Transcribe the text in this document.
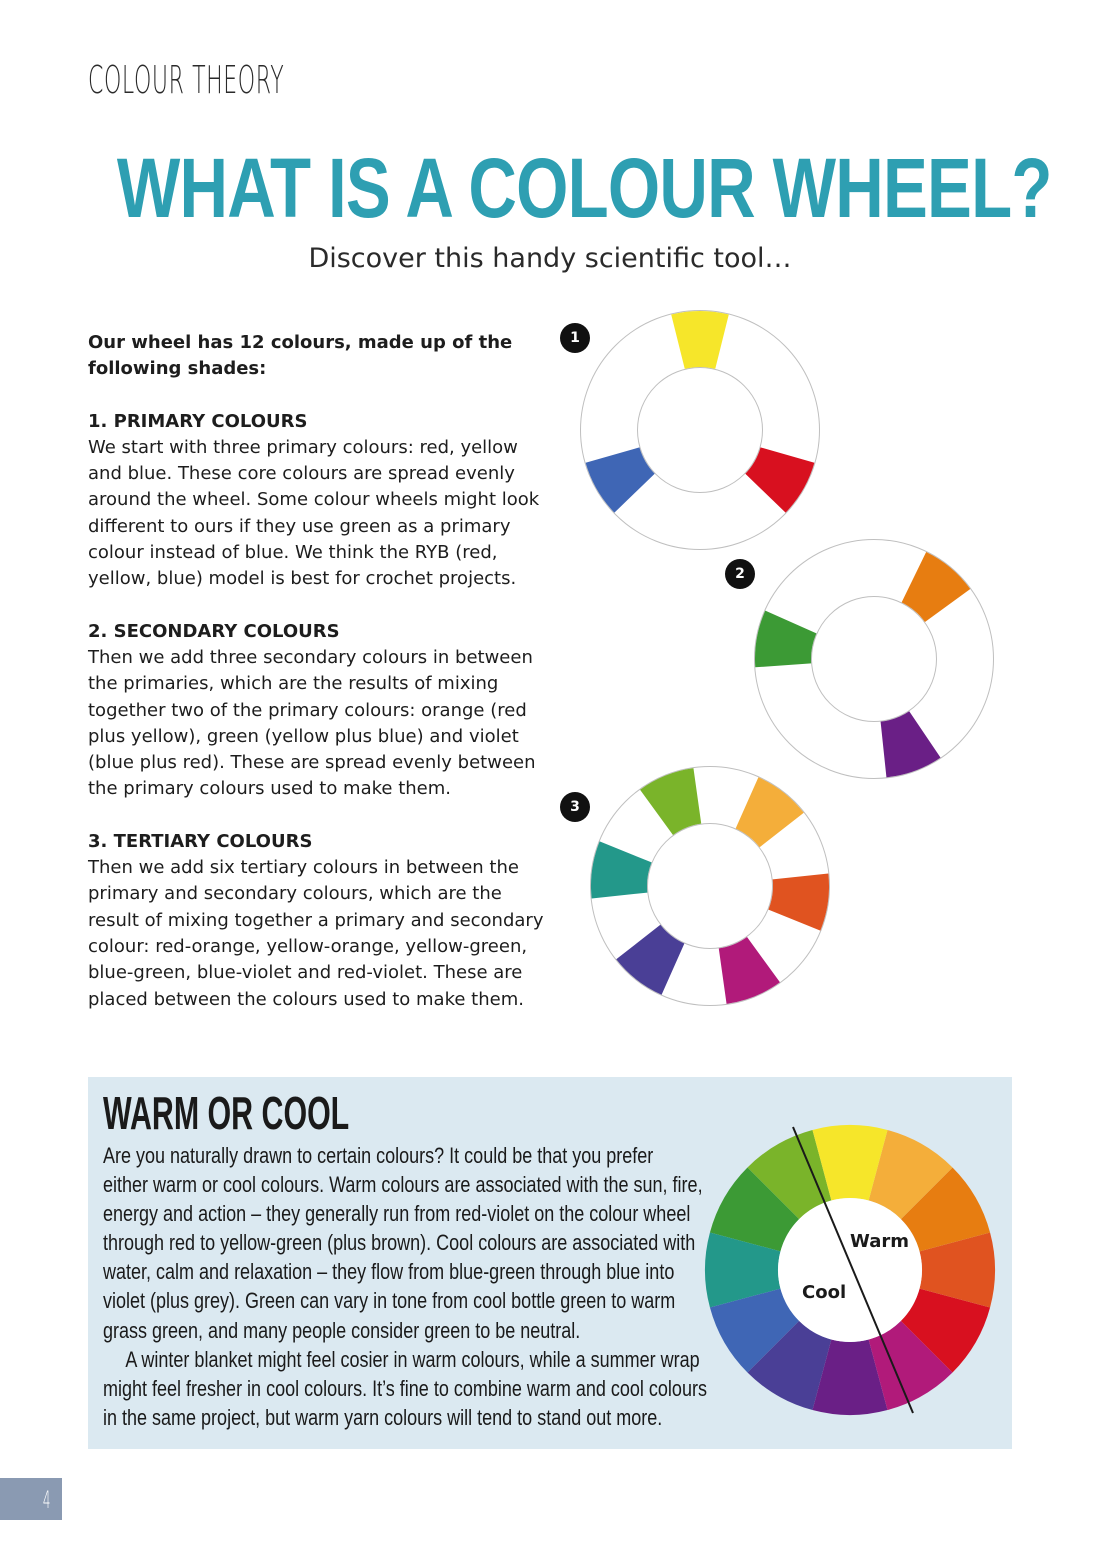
COLOUR THEORY
WHAT IS A COLOUR WHEEL?
Discover this handy scientific tool…

Our wheel has 12 colours, made up of the following shades:

1. PRIMARY COLOURS

We start with three primary colours: red, yellow and blue. These core colours are spread evenly around the wheel. Some colour wheels might look different to ours if they use green as a primary colour instead of blue. We think the RYB (red, yellow, blue) model is best for crochet projects.

2. SECONDARY COLOURS

Then we add three secondary colours in between the primaries, which are the results of mixing together two of the primary colours: orange (red plus yellow), green (yellow plus blue) and violet (blue plus red). These are spread evenly between the primary colours used to make them.

3. TERTIARY COLOURS

Then we add six tertiary colours in between the primary and secondary colours, which are the result of mixing together a primary and secondary colour: red-orange, yellow-orange, yellow-green, blue-green, blue-violet and red-violet. These are placed between the colours used to make them.

1
2
3
WARM OR COOL

Are you naturally drawn to certain colours? It could be that you prefer

either warm or cool colours. Warm colours are associated with the sun, fire,

energy and action – they generally run from red-violet on the colour wheel

through red to yellow-green (plus brown). Cool colours are associated with

water, calm and relaxation – they flow from blue-green through blue into

violet (plus grey). Green can vary in tone from cool bottle green to warm

grass green, and many people consider green to be neutral.

A winter blanket might feel cosier in warm colours, while a summer wrap

might feel fresher in cool colours. It’s fine to combine warm and cool colours

in the same project, but warm yarn colours will tend to stand out more.

Warm
Cool
4
